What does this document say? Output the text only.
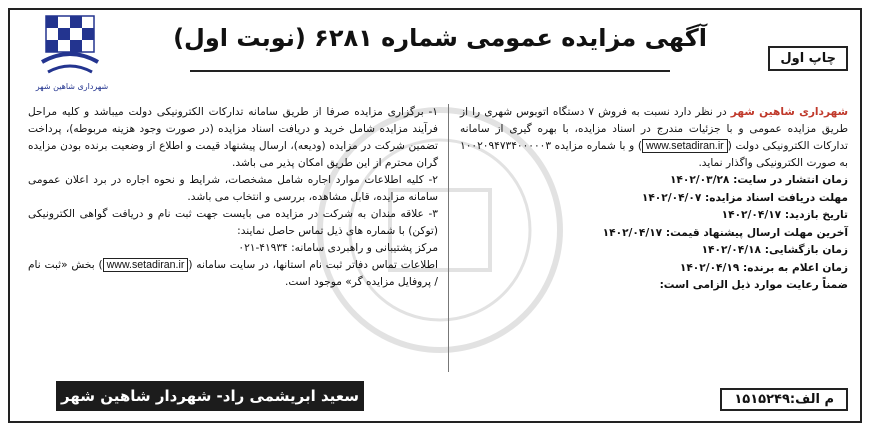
شهرداری شاهین شهر
آگهی مزایده عمومی شماره ۶۲۸۱ (نوبت اول)
چاپ اول

شهرداری شاهین شهر در نظر دارد نسبت به فروش ۷ دستگاه اتوبوس شهری را از طریق مزایده عمومی و با جزئیات مندرج در اسناد مزایده، با بهره گیری از سامانه تدارکات الکترونیکی دولت (www.setadiran.ir) و با شماره مزایده ۱۰۰۲۰۹۴۷۳۴۰۰۰۰۰۳ به صورت الکترونیکی واگذار نماید.

زمان انتشار در سایت: ۱۴۰۲/۰۳/۲۸

مهلت دریافت اسناد مزایده: ۱۴۰۲/۰۴/۰۷

تاریخ بازدید: ۱۴۰۲/۰۴/۱۷

آخرین مهلت ارسال پیشنهاد قیمت: ۱۴۰۲/۰۴/۱۷

زمان بازگشایی: ۱۴۰۲/۰۴/۱۸

زمان اعلام به برنده: ۱۴۰۲/۰۴/۱۹

ضمناً رعایت موارد ذیل الزامی است:

۱- برگزاری مزایده صرفا از طریق سامانه تدارکات الکترونیکی دولت میباشد و کلیه مراحل فرآیند مزایده شامل خرید و دریافت اسناد مزایده (در صورت وجود هزینه مربوطه)، پرداخت تضمین شرکت در مزایده (ودیعه)، ارسال پیشنهاد قیمت و اطلاع از وضعیت برنده بودن مزایده گران محترم از این طریق امکان پذیر می باشد.

۲- کلیه اطلاعات موارد اجاره شامل مشخصات، شرایط و نحوه اجاره در برد اعلان عمومی سامانه مزایده، قابل مشاهده، بررسی و انتخاب می باشد.

۳- علاقه مندان به شرکت در مزایده می بایست جهت ثبت نام و دریافت گواهی الکترونیکی (توکن) با شماره های ذیل تماس حاصل نمایند:

مرکز پشتیبانی و راهبردی سامانه: ۴۱۹۳۴-۰۲۱

اطلاعات تماس دفاتر ثبت نام استانها، در سایت سامانه (www.setadiran.ir) بخش «ثبت نام / پروفایل مزایده گر» موجود است.

م الف:۱۵۱۵۲۴۹
سعید ابریشمی راد- شهردار شاهین شهر
